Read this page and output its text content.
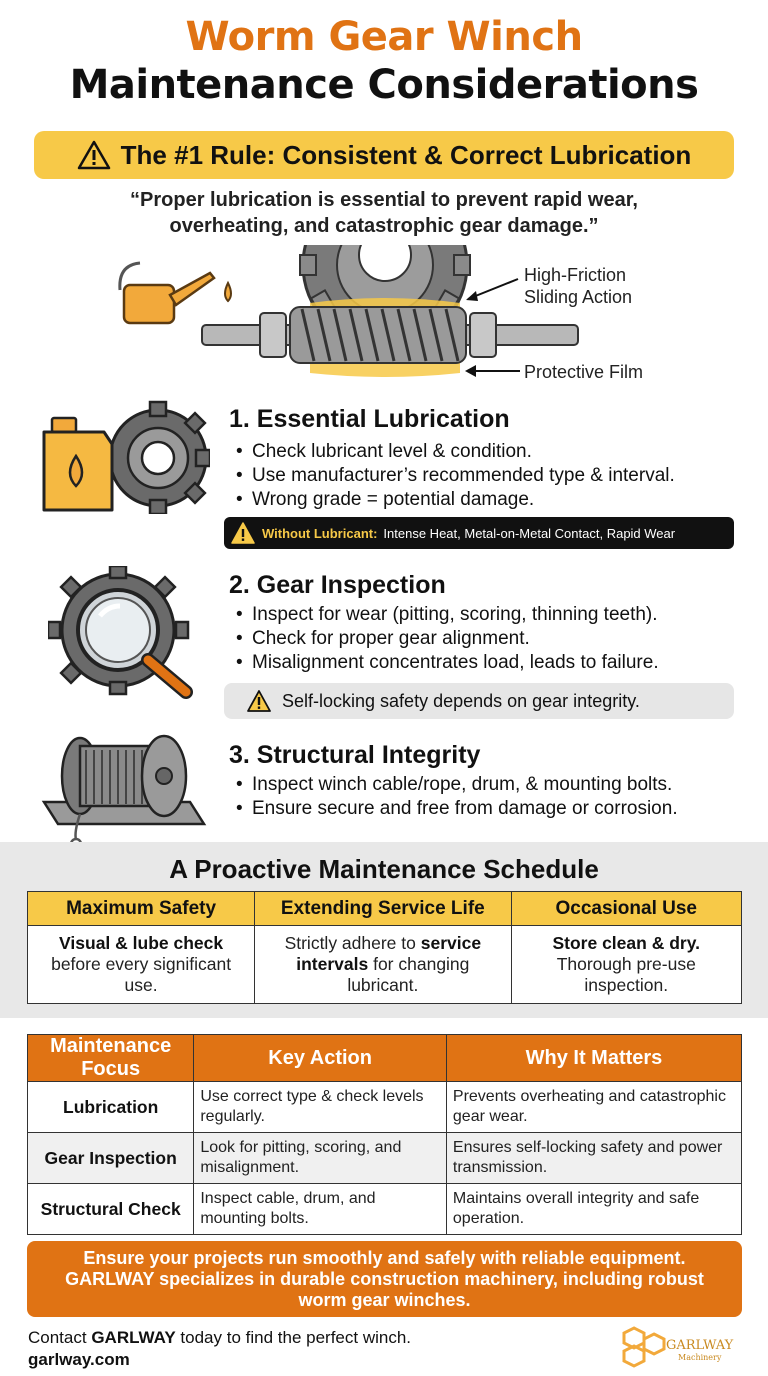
Worm Gear Winch
Maintenance Considerations
The #1 Rule: Consistent & Correct Lubrication
“Proper lubrication is essential to prevent rapid wear,
overheating, and catastrophic gear damage.”
High-Friction
Sliding Action
Protective Film
1. Essential Lubrication
• Check lubricant level & condition.
• Use manufacturer’s recommended type & interval.
• Wrong grade = potential damage.
Without Lubricant: Intense Heat, Metal-on-Metal Contact, Rapid Wear
2. Gear Inspection
• Inspect for wear (pitting, scoring, thinning teeth).
• Check for proper gear alignment.
• Misalignment concentrates load, leads to failure.
Self-locking safety depends on gear integrity.
3. Structural Integrity
• Inspect winch cable/rope, drum, & mounting bolts.
• Ensure secure and free from damage or corrosion.
A Proactive Maintenance Schedule
Maximum Safety	Extending Service Life	Occasional Use
Visual & lube check before every significant use.	Strictly adhere to service intervals for changing lubricant.	Store clean & dry. Thorough pre-use inspection.
Maintenance Focus	Key Action	Why It Matters
Lubrication	Use correct type & check levels regularly.	Prevents overheating and catastrophic gear wear.
Gear Inspection	Look for pitting, scoring, and misalignment.	Ensures self-locking safety and power transmission.
Structural Check	Inspect cable, drum, and mounting bolts.	Maintains overall integrity and safe operation.
Ensure your projects run smoothly and safely with reliable equipment. GARLWAY specializes in durable construction machinery, including robust worm gear winches.
Contact GARLWAY today to find the perfect winch.
garlway.com
GARLWAY
Machinery
